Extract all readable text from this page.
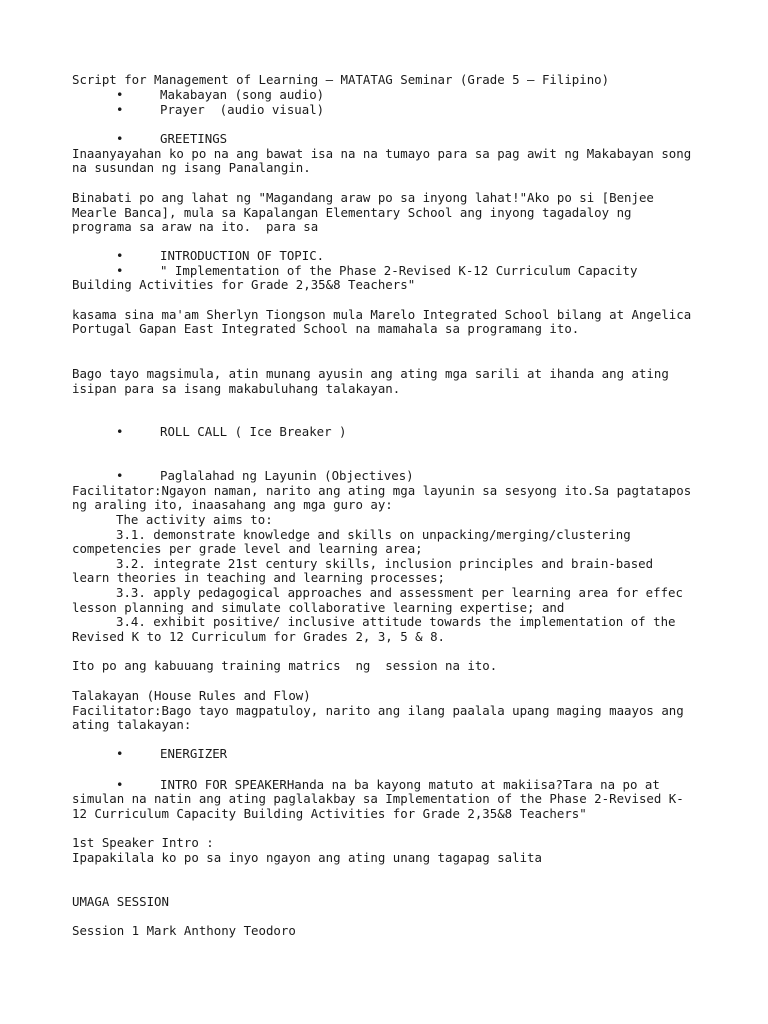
Script for Management of Learning – MATATAG Seminar (Grade 5 – Filipino)
•	Makabayan (song audio)
•	Prayer  (audio visual)
•	GREETINGS
Inaanyayahan ko po na ang bawat isa na na tumayo para sa pag awit ng Makabayan song
na susundan ng isang Panalangin.
Binabati po ang lahat ng "Magandang araw po sa inyong lahat!"Ako po si [Benjee
Mearle Banca], mula sa Kapalangan Elementary School ang inyong tagadaloy ng
programa sa araw na ito.  para sa
•	INTRODUCTION OF TOPIC.
•	" Implementation of the Phase 2-Revised K-12 Curriculum Capacity
Building Activities for Grade 2,35&8 Teachers"
kasama sina ma'am Sherlyn Tiongson mula Marelo Integrated School bilang at Angelica
Portugal Gapan East Integrated School na mamahala sa programang ito.
Bago tayo magsimula, atin munang ayusin ang ating mga sarili at ihanda ang ating
isipan para sa isang makabuluhang talakayan.
•	ROLL CALL ( Ice Breaker )
•	Paglalahad ng Layunin (Objectives)
Facilitator:Ngayon naman, narito ang ating mga layunin sa sesyong ito.Sa pagtatapos
ng araling ito, inaasahang ang mga guro ay:
The activity aims to:
3.1. demonstrate knowledge and skills on unpacking/merging/clustering
competencies per grade level and learning area;
3.2. integrate 21st century skills, inclusion principles and brain-based
learn theories in teaching and learning processes;
3.3. apply pedagogical approaches and assessment per learning area for effec
lesson planning and simulate collaborative learning expertise; and
3.4. exhibit positive/ inclusive attitude towards the implementation of the
Revised K to 12 Curriculum for Grades 2, 3, 5 & 8.
Ito po ang kabuuang training matrics  ng  session na ito.
Talakayan (House Rules and Flow)
Facilitator:Bago tayo magpatuloy, narito ang ilang paalala upang maging maayos ang
ating talakayan:
•	ENERGIZER
•	INTRO FOR SPEAKERHanda na ba kayong matuto at makiisa?Tara na po at
simulan na natin ang ating paglalakbay sa Implementation of the Phase 2-Revised K-
12 Curriculum Capacity Building Activities for Grade 2,35&8 Teachers"
1st Speaker Intro :
Ipapakilala ko po sa inyo ngayon ang ating unang tagapag salita
UMAGA SESSION
Session 1 Mark Anthony Teodoro
